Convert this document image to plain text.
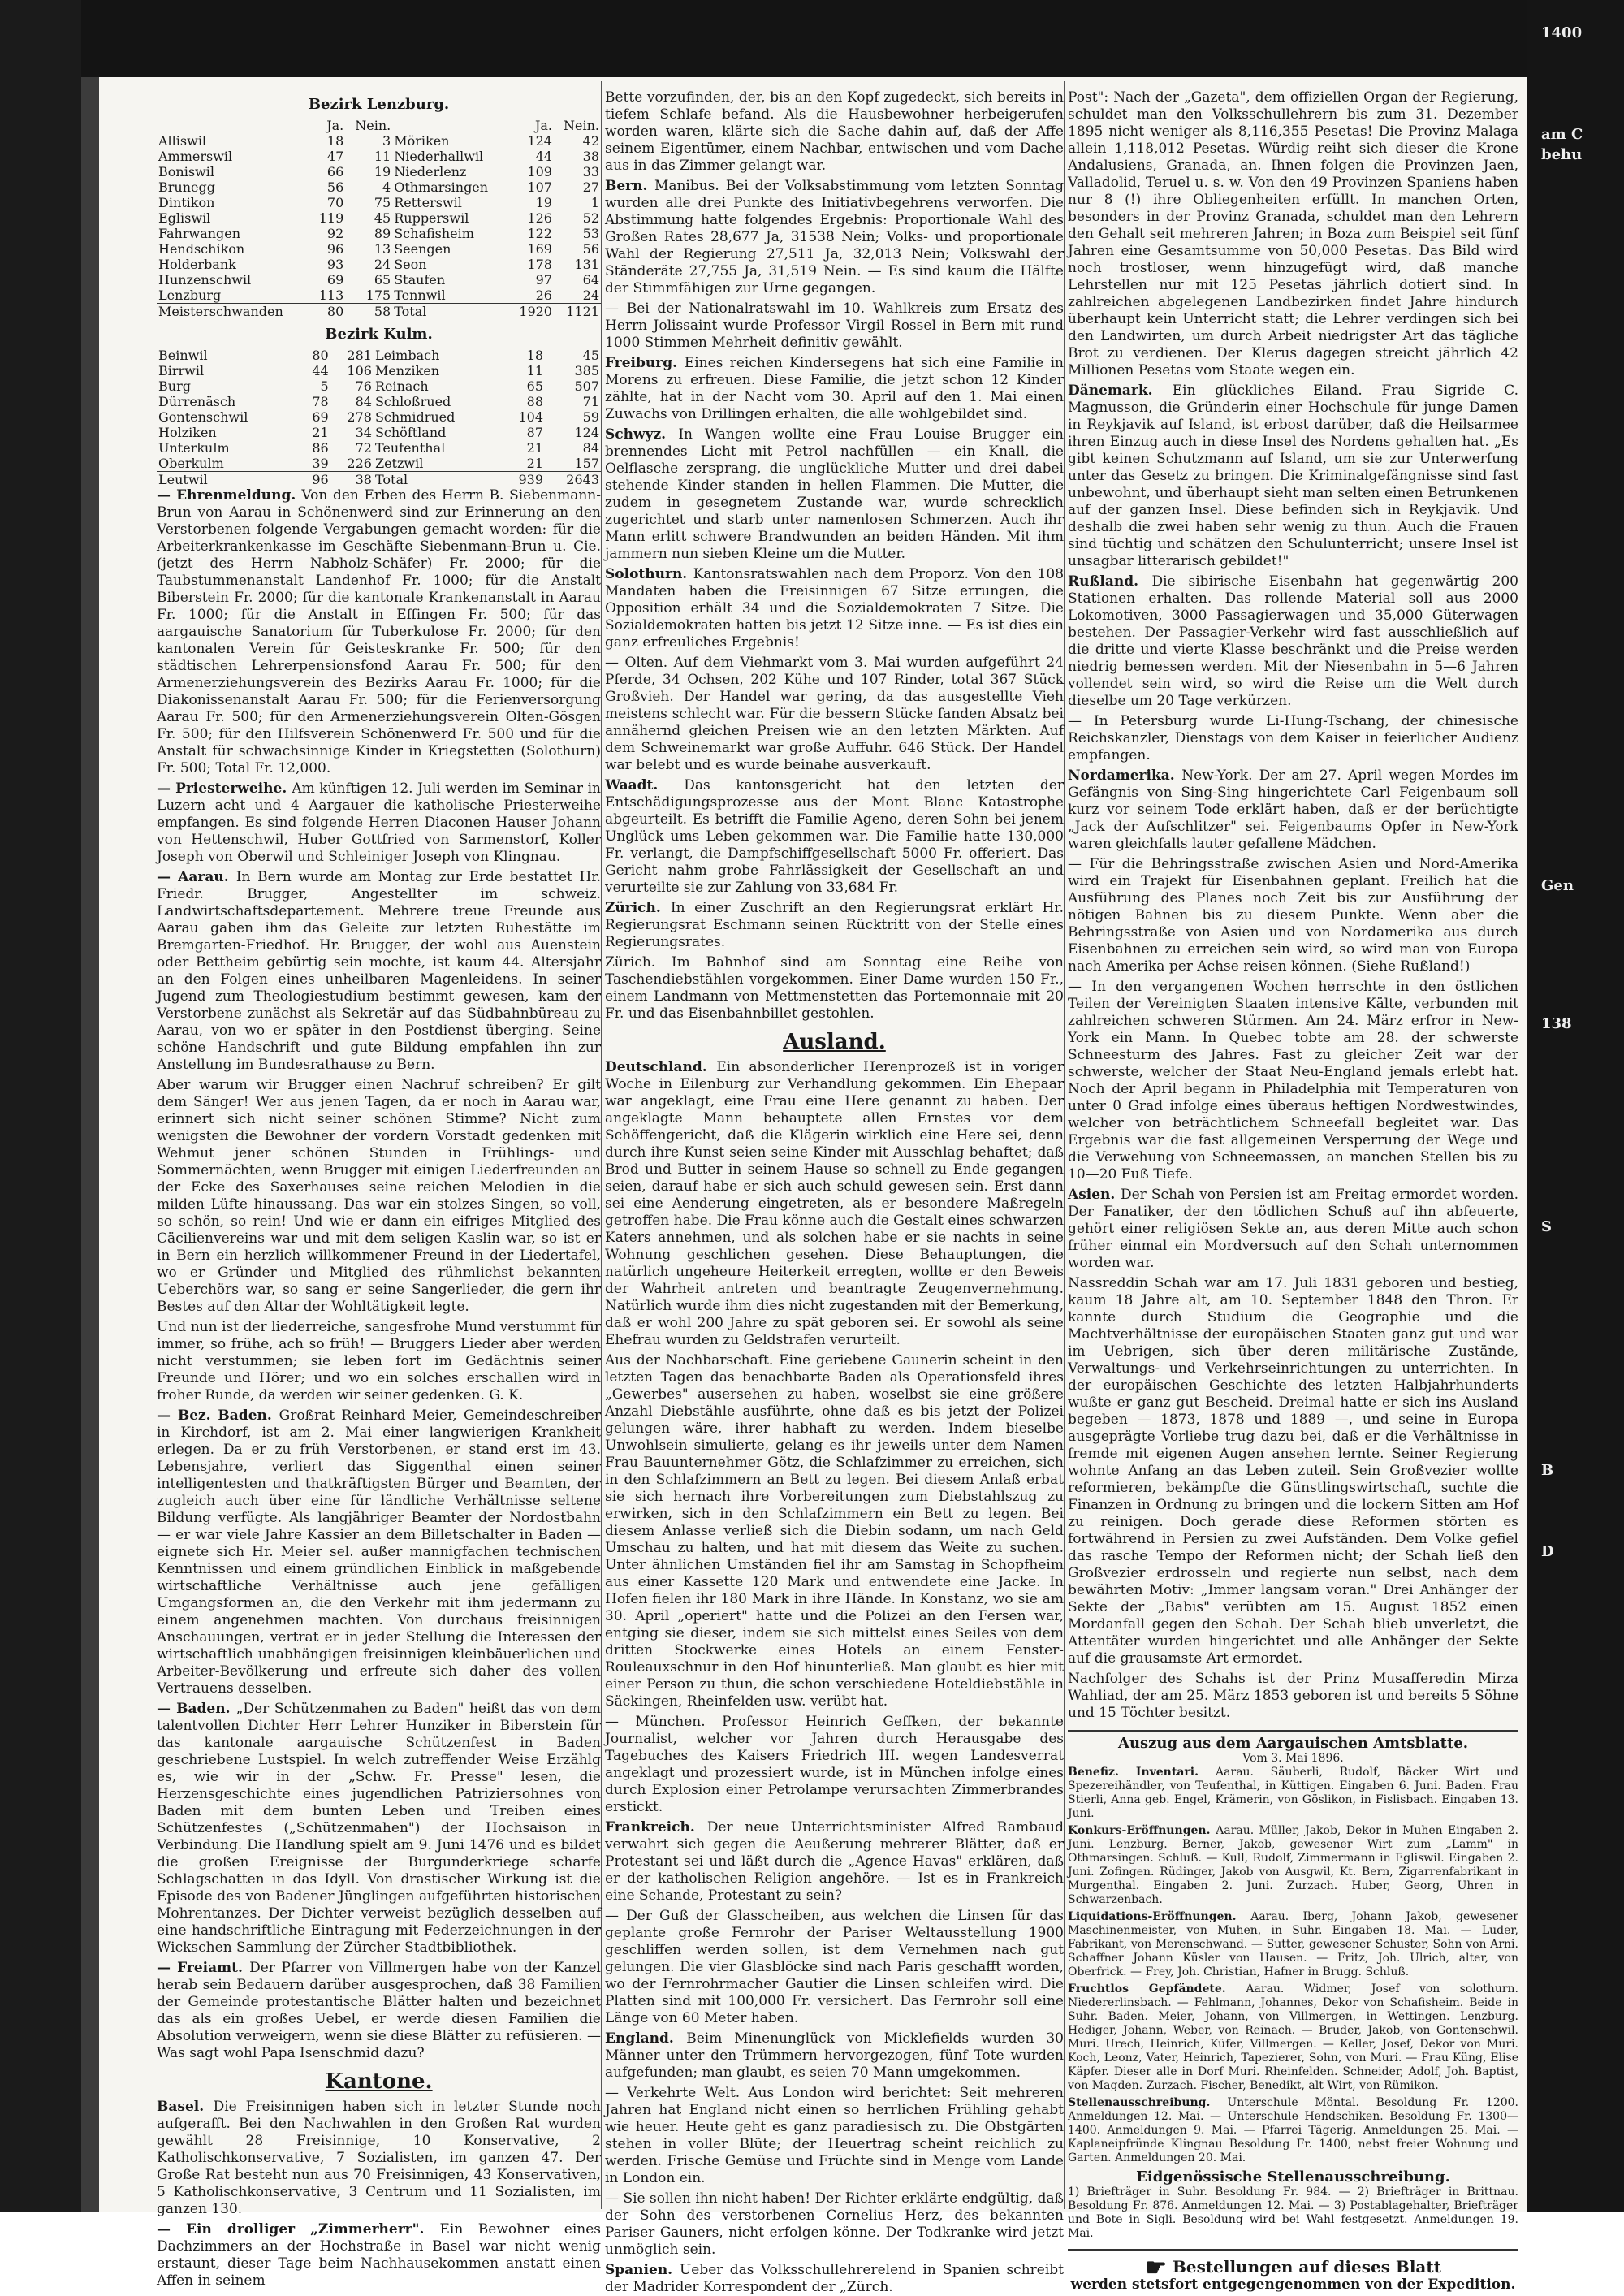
Bezirk Lenzburg.
	Ja.	Nein.		Ja.	Nein.
Alliswil	18	3	Möriken	124	42
Ammerswil	47	11	Niederhallwil	44	38
Boniswil	66	19	Niederlenz	109	33
Brunegg	56	4	Othmarsingen	107	27
Dintikon	70	75	Retterswil	19	1
Egliswil	119	45	Rupperswil	126	52
Fahrwangen	92	89	Schafisheim	122	53
Hendschikon	96	13	Seengen	169	56
Holderbank	93	24	Seon	178	131
Hunzenschwil	69	65	Staufen	97	64
Lenzburg	113	175	Tennwil	26	24
Meisterschwanden	80	58	Total	1920	1121
Bezirk Kulm.
Beinwil	80	281	Leimbach	18	45
Birrwil	44	106	Menziken	11	385
Burg	5	76	Reinach	65	507
Dürrenäsch	78	84	Schloßrued	88	71
Gontenschwil	69	278	Schmidrued	104	59
Holziken	21	34	Schöftland	87	124
Unterkulm	86	72	Teufenthal	21	84
Oberkulm	39	226	Zetzwil	21	157
Leutwil	96	38	Total	939	2643

— Ehrenmeldung. Von den Erben des Herrn B. Siebenmann-Brun von Aarau in Schönenwerd sind zur Erinnerung an den Verstorbenen folgende Vergabungen gemacht worden: für die Arbeiterkrankenkasse im Geschäfte Siebenmann-Brun u. Cie. (jetzt des Herrn Nabholz-Schäfer) Fr. 2000; für die Taubstummenanstalt Landenhof Fr. 1000; für die Anstalt Biberstein Fr. 2000; für die kantonale Krankenanstalt in Aarau Fr. 1000; für die Anstalt in Effingen Fr. 500; für das aargauische Sanatorium für Tuberkulose Fr. 2000; für den kantonalen Verein für Geisteskranke Fr. 500; für den städtischen Lehrerpensionsfond Aarau Fr. 500; für den Armenerziehungsverein des Bezirks Aarau Fr. 1000; für die Diakonissenanstalt Aarau Fr. 500; für die Ferienversorgung Aarau Fr. 500; für den Armenerziehungsverein Olten-Gösgen Fr. 500; für den Hilfsverein Schönenwerd Fr. 500 und für die Anstalt für schwachsinnige Kinder in Kriegstetten (Solothurn) Fr. 500; Total Fr. 12,000.

— Priesterweihe. Am künftigen 12. Juli werden im Seminar in Luzern acht und 4 Aargauer die katholische Priesterweihe empfangen. Es sind folgende Herren Diaconen Hauser Johann von Hettenschwil, Huber Gottfried von Sarmenstorf, Koller Joseph von Oberwil und Schleiniger Joseph von Klingnau.

— Aarau. In Bern wurde am Montag zur Erde bestattet Hr. Friedr. Brugger, Angestellter im schweiz. Landwirtschaftsdepartement. Mehrere treue Freunde aus Aarau gaben ihm das Geleite zur letzten Ruhestätte im Bremgarten-Friedhof. Hr. Brugger, der wohl aus Auenstein oder Bettheim gebürtig sein mochte, ist kaum 44. Altersjahr an den Folgen eines unheilbaren Magenleidens. In seiner Jugend zum Theologiestudium bestimmt gewesen, kam der Verstorbene zunächst als Sekretär auf das Südbahnbüreau zu Aarau, von wo er später in den Postdienst überging. Seine schöne Handschrift und gute Bildung empfahlen ihn zur Anstellung im Bundesrathause zu Bern.

Aber warum wir Brugger einen Nachruf schreiben? Er gilt dem Sänger! Wer aus jenen Tagen, da er noch in Aarau war, erinnert sich nicht seiner schönen Stimme? Nicht zum wenigsten die Bewohner der vordern Vorstadt gedenken mit Wehmut jener schönen Stunden in Frühlings- und Sommernächten, wenn Brugger mit einigen Liederfreunden an der Ecke des Saxerhauses seine reichen Melodien in die milden Lüfte hinaussang. Das war ein stolzes Singen, so voll, so schön, so rein! Und wie er dann ein eifriges Mitglied des Cäcilienvereins war und mit dem seligen Kaslin war, so ist er in Bern ein herzlich willkommener Freund in der Liedertafel, wo er Gründer und Mitglied des rühmlichst bekannten Ueberchörs war, so sang er seine Sangerlieder, die gern ihr Bestes auf den Altar der Wohltätigkeit legte.

Und nun ist der liederreiche, sangesfrohe Mund verstummt für immer, so frühe, ach so früh! — Bruggers Lieder aber werden nicht verstummen; sie leben fort im Gedächtnis seiner Freunde und Hörer; und wo ein solches erschallen wird in froher Runde, da werden wir seiner gedenken. G. K.

— Bez. Baden. Großrat Reinhard Meier, Gemeindeschreiber in Kirchdorf, ist am 2. Mai einer langwierigen Krankheit erlegen. Da er zu früh Verstorbenen, er stand erst im 43. Lebensjahre, verliert das Siggenthal einen seiner intelligentesten und thatkräftigsten Bürger und Beamten, der zugleich auch über eine für ländliche Verhältnisse seltene Bildung verfügte. Als langjähriger Beamter der Nordostbahn — er war viele Jahre Kassier an dem Billetschalter in Baden — eignete sich Hr. Meier sel. außer mannigfachen technischen Kenntnissen und einem gründlichen Einblick in maßgebende wirtschaftliche Verhältnisse auch jene gefälligen Umgangsformen an, die den Verkehr mit ihm jedermann zu einem angenehmen machten. Von durchaus freisinnigen Anschauungen, vertrat er in jeder Stellung die Interessen der wirtschaftlich unabhängigen freisinnigen kleinbäuerlichen und Arbeiter-Bevölkerung und erfreute sich daher des vollen Vertrauens desselben.

— Baden. „Der Schützenmahen zu Baden" heißt das von dem talentvollen Dichter Herr Lehrer Hunziker in Biberstein für das kantonale aargauische Schützenfest in Baden geschriebene Lustspiel. In welch zutreffender Weise Erzählg es, wie wir in der „Schw. Fr. Presse" lesen, die Herzensgeschichte eines jugendlichen Patriziersohnes von Baden mit dem bunten Leben und Treiben eines Schützenfestes („Schützenmahen") der Hochsaison in Verbindung. Die Handlung spielt am 9. Juni 1476 und es bildet die großen Ereignisse der Burgunderkriege scharfe Schlagschatten in das Idyll. Von drastischer Wirkung ist die Episode des von Badener Jünglingen aufgeführten historischen Mohrentanzes. Der Dichter verweist bezüglich desselben auf eine handschriftliche Eintragung mit Federzeichnungen in der Wickschen Sammlung der Zürcher Stadtbibliothek.

— Freiamt. Der Pfarrer von Villmergen habe von der Kanzel herab sein Bedauern darüber ausgesprochen, daß 38 Familien der Gemeinde protestantische Blätter halten und bezeichnet das als ein großes Uebel, er werde diesen Familien die Absolution verweigern, wenn sie diese Blätter zu refüsieren. — Was sagt wohl Papa Isenschmid dazu?

Kantone.

Basel. Die Freisinnigen haben sich in letzter Stunde noch aufgerafft. Bei den Nachwahlen in den Großen Rat wurden gewählt 28 Freisinnige, 10 Konservative, 2 Katholischkonservative, 7 Sozialisten, im ganzen 47. Der Große Rat besteht nun aus 70 Freisinnigen, 43 Konservativen, 5 Katholischkonservative, 3 Centrum und 11 Sozialisten, im ganzen 130.

— Ein drolliger „Zimmerherr". Ein Bewohner eines Dachzimmers an der Hochstraße in Basel war nicht wenig erstaunt, dieser Tage beim Nachhausekommen anstatt einen Affen in seinem

Bette vorzufinden, der, bis an den Kopf zugedeckt, sich bereits in tiefem Schlafe befand. Als die Hausbewohner herbeigerufen worden waren, klärte sich die Sache dahin auf, daß der Affe seinem Eigentümer, einem Nachbar, entwischen und vom Dache aus in das Zimmer gelangt war.

Bern. Manibus. Bei der Volksabstimmung vom letzten Sonntag wurden alle drei Punkte des Initiativbegehrens verworfen. Die Abstimmung hatte folgendes Ergebnis: Proportionale Wahl des Großen Rates 28,677 Ja, 31538 Nein; Volks- und proportionale Wahl der Regierung 27,511 Ja, 32,013 Nein; Volkswahl der Ständeräte 27,755 Ja, 31,519 Nein. — Es sind kaum die Hälfte der Stimmfähigen zur Urne gegangen.

— Bei der Nationalratswahl im 10. Wahlkreis zum Ersatz des Herrn Jolissaint wurde Professor Virgil Rossel in Bern mit rund 1000 Stimmen Mehrheit definitiv gewählt.

Freiburg. Eines reichen Kindersegens hat sich eine Familie in Morens zu erfreuen. Diese Familie, die jetzt schon 12 Kinder zählte, hat in der Nacht vom 30. April auf den 1. Mai einen Zuwachs von Drillingen erhalten, die alle wohlgebildet sind.

Schwyz. In Wangen wollte eine Frau Louise Brugger ein brennendes Licht mit Petrol nachfüllen — ein Knall, die Oelflasche zersprang, die unglückliche Mutter und drei dabei stehende Kinder standen in hellen Flammen. Die Mutter, die zudem in gesegnetem Zustande war, wurde schrecklich zugerichtet und starb unter namenlosen Schmerzen. Auch ihr Mann erlitt schwere Brandwunden an beiden Händen. Mit ihm jammern nun sieben Kleine um die Mutter.

Solothurn. Kantonsratswahlen nach dem Proporz. Von den 108 Mandaten haben die Freisinnigen 67 Sitze errungen, die Opposition erhält 34 und die Sozialdemokraten 7 Sitze. Die Sozialdemokraten hatten bis jetzt 12 Sitze inne. — Es ist dies ein ganz erfreuliches Ergebnis!

— Olten. Auf dem Viehmarkt vom 3. Mai wurden aufgeführt 24 Pferde, 34 Ochsen, 202 Kühe und 107 Rinder, total 367 Stück Großvieh. Der Handel war gering, da das ausgestellte Vieh meistens schlecht war. Für die bessern Stücke fanden Absatz bei annähernd gleichen Preisen wie an den letzten Märkten. Auf dem Schweinemarkt war große Auffuhr. 646 Stück. Der Handel war belebt und es wurde beinahe ausverkauft.

Waadt. Das kantonsgericht hat den letzten der Entschädigungsprozesse aus der Mont Blanc Katastrophe abgeurteilt. Es betrifft die Familie Ageno, deren Sohn bei jenem Unglück ums Leben gekommen war. Die Familie hatte 130,000 Fr. verlangt, die Dampfschiffgesellschaft 5000 Fr. offeriert. Das Gericht nahm grobe Fahrlässigkeit der Gesellschaft an und verurteilte sie zur Zahlung von 33,684 Fr.

Zürich. In einer Zuschrift an den Regierungsrat erklärt Hr. Regierungsrat Eschmann seinen Rücktritt von der Stelle eines Regierungsrates.

Zürich. Im Bahnhof sind am Sonntag eine Reihe von Taschendiebstählen vorgekommen. Einer Dame wurden 150 Fr., einem Landmann von Mettmenstetten das Portemonnaie mit 20 Fr. und das Eisenbahnbillet gestohlen.

Ausland.

Deutschland. Ein absonderlicher Herenprozeß ist in voriger Woche in Eilenburg zur Verhandlung gekommen. Ein Ehepaar war angeklagt, eine Frau eine Here genannt zu haben. Der angeklagte Mann behauptete allen Ernstes vor dem Schöffengericht, daß die Klägerin wirklich eine Here sei, denn durch ihre Kunst seien seine Kinder mit Ausschlag behaftet; daß Brod und Butter in seinem Hause so schnell zu Ende gegangen seien, darauf habe er sich auch schuld gewesen sein. Erst dann sei eine Aenderung eingetreten, als er besondere Maßregeln getroffen habe. Die Frau könne auch die Gestalt eines schwarzen Katers annehmen, und als solchen habe er sie nachts in seine Wohnung geschlichen gesehen. Diese Behauptungen, die natürlich ungeheure Heiterkeit erregten, wollte er den Beweis der Wahrheit antreten und beantragte Zeugenvernehmung. Natürlich wurde ihm dies nicht zugestanden mit der Bemerkung, daß er wohl 200 Jahre zu spät geboren sei. Er sowohl als seine Ehefrau wurden zu Geldstrafen verurteilt.

Aus der Nachbarschaft. Eine geriebene Gaunerin scheint in den letzten Tagen das benachbarte Baden als Operationsfeld ihres „Gewerbes" ausersehen zu haben, woselbst sie eine größere Anzahl Diebstähle ausführte, ohne daß es bis jetzt der Polizei gelungen wäre, ihrer habhaft zu werden. Indem bieselbe Unwohlsein simulierte, gelang es ihr jeweils unter dem Namen Frau Bauunternehmer Götz, die Schlafzimmer zu erreichen, sich in den Schlafzimmern an Bett zu legen. Bei diesem Anlaß erbat sie sich hernach ihre Vorbereitungen zum Diebstahlszug zu erwirken, sich in den Schlafzimmern ein Bett zu legen. Bei diesem Anlasse verließ sich die Diebin sodann, um nach Geld Umschau zu halten, und hat mit diesem das Weite zu suchen. Unter ähnlichen Umständen fiel ihr am Samstag in Schopfheim aus einer Kassette 120 Mark und entwendete eine Jacke. In Hofen fielen ihr 180 Mark in ihre Hände. In Konstanz, wo sie am 30. April „operiert" hatte und die Polizei an den Fersen war, entging sie dieser, indem sie sich mittelst eines Seiles von dem dritten Stockwerke eines Hotels an einem Fenster-Rouleauxschnur in den Hof hinunterließ. Man glaubt es hier mit einer Person zu thun, die schon verschiedene Hoteldiebstähle in Säckingen, Rheinfelden usw. verübt hat.

— München. Professor Heinrich Geffken, der bekannte Journalist, welcher vor Jahren durch Herausgabe des Tagebuches des Kaisers Friedrich III. wegen Landesverrat angeklagt und prozessiert wurde, ist in München infolge eines durch Explosion einer Petrolampe verursachten Zimmerbrandes erstickt.

Frankreich. Der neue Unterrichtsminister Alfred Rambaud verwahrt sich gegen die Aeußerung mehrerer Blätter, daß er Protestant sei und läßt durch die „Agence Havas" erklären, daß er der katholischen Religion angehöre. — Ist es in Frankreich eine Schande, Protestant zu sein?

— Der Guß der Glasscheiben, aus welchen die Linsen für das geplante große Fernrohr der Pariser Weltausstellung 1900 geschliffen werden sollen, ist dem Vernehmen nach gut gelungen. Die vier Glasblöcke sind nach Paris geschafft worden, wo der Fernrohrmacher Gautier die Linsen schleifen wird. Die Platten sind mit 100,000 Fr. versichert. Das Fernrohr soll eine Länge von 60 Meter haben.

England. Beim Minenunglück von Micklefields wurden 30 Männer unter den Trümmern hervorgezogen, fünf Tote wurden aufgefunden; man glaubt, es seien 70 Mann umgekommen.

— Verkehrte Welt. Aus London wird berichtet: Seit mehreren Jahren hat England nicht einen so herrlichen Frühling gehabt wie heuer. Heute geht es ganz paradiesisch zu. Die Obstgärten stehen in voller Blüte; der Heuertrag scheint reichlich zu werden. Frische Gemüse und Früchte sind in Menge vom Lande in London ein.

— Sie sollen ihn nicht haben! Der Richter erklärte endgültig, daß der Sohn des verstorbenen Cornelius Herz, des bekannten Pariser Gauners, nicht erfolgen könne. Der Todkranke wird jetzt unmöglich sein.

Spanien. Ueber das Volksschullehrerelend in Spanien schreibt der Madrider Korrespondent der „Zürch.

Post": Nach der „Gazeta", dem offiziellen Organ der Regierung, schuldet man den Volksschullehrern bis zum 31. Dezember 1895 nicht weniger als 8,116,355 Pesetas! Die Provinz Malaga allein 1,118,012 Pesetas. Würdig reiht sich dieser die Krone Andalusiens, Granada, an. Ihnen folgen die Provinzen Jaen, Valladolid, Teruel u. s. w. Von den 49 Provinzen Spaniens haben nur 8 (!) ihre Obliegenheiten erfüllt. In manchen Orten, besonders in der Provinz Granada, schuldet man den Lehrern den Gehalt seit mehreren Jahren; in Boza zum Beispiel seit fünf Jahren eine Gesamtsumme von 50,000 Pesetas. Das Bild wird noch trostloser, wenn hinzugefügt wird, daß manche Lehrstellen nur mit 125 Pesetas jährlich dotiert sind. In zahlreichen abgelegenen Landbezirken findet Jahre hindurch überhaupt kein Unterricht statt; die Lehrer verdingen sich bei den Landwirten, um durch Arbeit niedrigster Art das tägliche Brot zu verdienen. Der Klerus dagegen streicht jährlich 42 Millionen Pesetas vom Staate wegen ein.

Dänemark. Ein glückliches Eiland. Frau Sigride C. Magnusson, die Gründerin einer Hochschule für junge Damen in Reykjavik auf Island, ist erbost darüber, daß die Heilsarmee ihren Einzug auch in diese Insel des Nordens gehalten hat. „Es gibt keinen Schutzmann auf Island, um sie zur Unterwerfung unter das Gesetz zu bringen. Die Kriminalgefängnisse sind fast unbewohnt, und überhaupt sieht man selten einen Betrunkenen auf der ganzen Insel. Diese befinden sich in Reykjavik. Und deshalb die zwei haben sehr wenig zu thun. Auch die Frauen sind tüchtig und schätzen den Schulunterricht; unsere Insel ist unsagbar litterarisch gebildet!"

Rußland. Die sibirische Eisenbahn hat gegenwärtig 200 Stationen erhalten. Das rollende Material soll aus 2000 Lokomotiven, 3000 Passagierwagen und 35,000 Güterwagen bestehen. Der Passagier-Verkehr wird fast ausschließlich auf die dritte und vierte Klasse beschränkt und die Preise werden niedrig bemessen werden. Mit der Niesenbahn in 5—6 Jahren vollendet sein wird, so wird die Reise um die Welt durch dieselbe um 20 Tage verkürzen.

— In Petersburg wurde Li-Hung-Tschang, der chinesische Reichskanzler, Dienstags von dem Kaiser in feierlicher Audienz empfangen.

Nordamerika. New-York. Der am 27. April wegen Mordes im Gefängnis von Sing-Sing hingerichtete Carl Feigenbaum soll kurz vor seinem Tode erklärt haben, daß er der berüchtigte „Jack der Aufschlitzer" sei. Feigenbaums Opfer in New-York waren gleichfalls lauter gefallene Mädchen.

— Für die Behringsstraße zwischen Asien und Nord-Amerika wird ein Trajekt für Eisenbahnen geplant. Freilich hat die Ausführung des Planes noch Zeit bis zur Ausführung der nötigen Bahnen bis zu diesem Punkte. Wenn aber die Behringsstraße von Asien und von Nordamerika aus durch Eisenbahnen zu erreichen sein wird, so wird man von Europa nach Amerika per Achse reisen können. (Siehe Rußland!)

— In den vergangenen Wochen herrschte in den östlichen Teilen der Vereinigten Staaten intensive Kälte, verbunden mit zahlreichen schweren Stürmen. Am 24. März erfror in New-York ein Mann. In Quebec tobte am 28. der schwerste Schneesturm des Jahres. Fast zu gleicher Zeit war der schwerste, welcher der Staat Neu-England jemals erlebt hat. Noch der April begann in Philadelphia mit Temperaturen von unter 0 Grad infolge eines überaus heftigen Nordwestwindes, welcher von beträchtlichem Schneefall begleitet war. Das Ergebnis war die fast allgemeinen Versperrung der Wege und die Verwehung von Schneemassen, an manchen Stellen bis zu 10—20 Fuß Tiefe.

Asien. Der Schah von Persien ist am Freitag ermordet worden. Der Fanatiker, der den tödlichen Schuß auf ihn abfeuerte, gehört einer religiösen Sekte an, aus deren Mitte auch schon früher einmal ein Mordversuch auf den Schah unternommen worden war.

Nassreddin Schah war am 17. Juli 1831 geboren und bestieg, kaum 18 Jahre alt, am 10. September 1848 den Thron. Er kannte durch Studium die Geographie und die Machtverhältnisse der europäischen Staaten ganz gut und war im Uebrigen, sich über deren militärische Zustände, Verwaltungs- und Verkehrseinrichtungen zu unterrichten. In der europäischen Geschichte des letzten Halbjahrhunderts wußte er ganz gut Bescheid. Dreimal hatte er sich ins Ausland begeben — 1873, 1878 und 1889 —, und seine in Europa ausgeprägte Vorliebe trug dazu bei, daß er die Verhältnisse in fremde mit eigenen Augen ansehen lernte. Seiner Regierung wohnte Anfang an das Leben zuteil. Sein Großvezier wollte reformieren, bekämpfte die Günstlingswirtschaft, suchte die Finanzen in Ordnung zu bringen und die lockern Sitten am Hof zu reinigen. Doch gerade diese Reformen störten es fortwährend in Persien zu zwei Aufständen. Dem Volke gefiel das rasche Tempo der Reformen nicht; der Schah ließ den Großvezier erdrosseln und regierte nun selbst, nach dem bewährten Motiv: „Immer langsam voran." Drei Anhänger der Sekte der „Babis" verübten am 15. August 1852 einen Mordanfall gegen den Schah. Der Schah blieb unverletzt, die Attentäter wurden hingerichtet und alle Anhänger der Sekte auf die grausamste Art ermordet.

Nachfolger des Schahs ist der Prinz Musafferedin Mirza Wahliad, der am 25. März 1853 geboren ist und bereits 5 Söhne und 15 Töchter besitzt.

Auszug aus dem Aargauischen Amtsblatte.
Vom 3. Mai 1896.

Benefiz. Inventari. Aarau. Säuberli, Rudolf, Bäcker Wirt und Spezereihändler, von Teufenthal, in Küttigen. Eingaben 6. Juni. Baden. Frau Stierli, Anna geb. Engel, Krämerin, von Göslikon, in Fislisbach. Eingaben 13. Juni.

Konkurs-Eröffnungen. Aarau. Müller, Jakob, Dekor in Muhen Eingaben 2. Juni. Lenzburg. Berner, Jakob, gewesener Wirt zum „Lamm" in Othmarsingen. Schluß. — Kull, Rudolf, Zimmermann in Egliswil. Eingaben 2. Juni. Zofingen. Rüdinger, Jakob von Ausgwil, Kt. Bern, Zigarrenfabrikant in Murgenthal. Eingaben 2. Juni. Zurzach. Huber, Georg, Uhren in Schwarzenbach.

Liquidations-Eröffnungen. Aarau. Iberg, Johann Jakob, gewesener Maschinenmeister, von Muhen, in Suhr. Eingaben 18. Mai. — Luder, Fabrikant, von Merenschwand. — Sutter, gewesener Schuster, Sohn von Arni. Schaffner Johann Küsler von Hausen. — Fritz, Joh. Ulrich, alter, von Oberfrick. — Frey, Joh. Christian, Hafner in Brugg. Schluß.

Fruchtlos Gepfändete. Aarau. Widmer, Josef von solothurn. Niedererlinsbach. — Fehlmann, Johannes, Dekor von Schafisheim. Beide in Suhr. Baden. Meier, Johann, von Villmergen, in Wettingen. Lenzburg. Hediger, Johann, Weber, von Reinach. — Bruder, Jakob, von Gontenschwil. Muri. Urech, Heinrich, Küfer, Villmergen. — Keller, Josef, Dekor von Muri. Koch, Leonz, Vater, Heinrich, Tapezierer, Sohn, von Muri. — Frau Küng, Elise Käpfer. Dieser alle in Dorf Muri. Rheinfelden. Schneider, Adolf, Joh. Baptist, von Magden. Zurzach. Fischer, Benedikt, alt Wirt, von Rümikon.

Stellenausschreibung. Unterschule Möntal. Besoldung Fr. 1200. Anmeldungen 12. Mai. — Unterschule Hendschiken. Besoldung Fr. 1300—1400. Anmeldungen 9. Mai. — Pfarrei Tägerig. Anmeldungen 25. Mai. — Kaplaneipfründe Klingnau Besoldung Fr. 1400, nebst freier Wohnung und Garten. Anmeldungen 20. Mai.

Eidgenössische Stellenausschreibung.

1) Briefträger in Suhr. Besoldung Fr. 984. — 2) Briefträger in Brittnau. Besoldung Fr. 876. Anmeldungen 12. Mai. — 3) Postablagehalter, Briefträger und Bote in Sigli. Besoldung wird bei Wahl festgesetzt. Anmeldungen 19. Mai.

☛ Bestellungen auf dieses Blatt
werden stetsfort entgegengenommen von der Expedition.
1400
am C
behu
Gen
138
S
B
D
